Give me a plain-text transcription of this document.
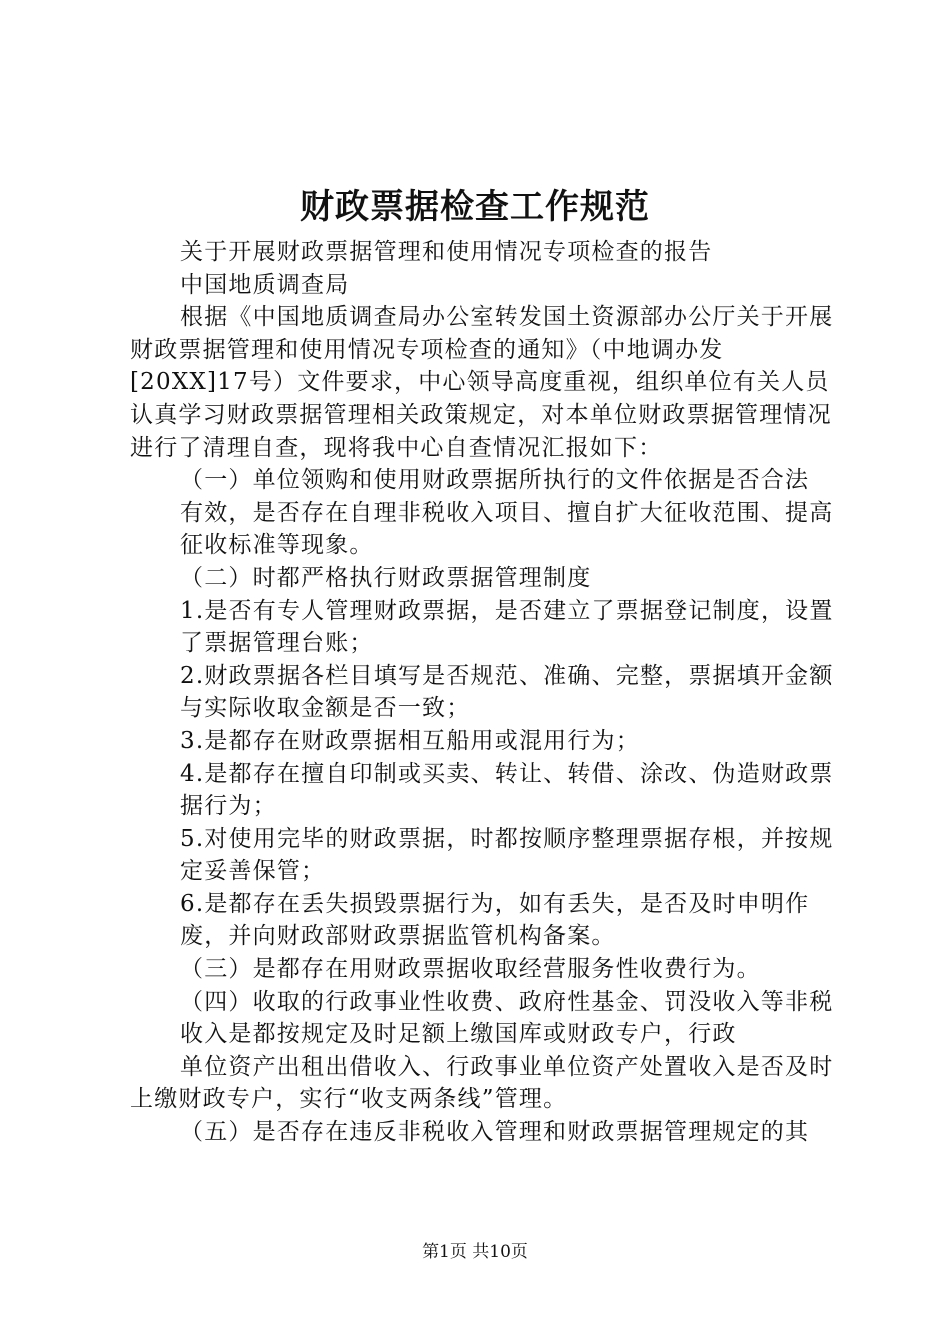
财政票据检查工作规范

关于开展财政票据管理和使用情况专项检查的报告

中国地质调查局

根据《中国地质调查局办公室转发国土资源部办公厅关于开展财政票据管理和使用情况专项检查的通知》（中地调办发[20XX]17号）文件要求，中心领导高度重视，组织单位有关人员认真学习财政票据管理相关政策规定，对本单位财政票据管理情况进行了清理自查，现将我中心自查情况汇报如下：

（一）单位领购和使用财政票据所执行的文件依据是否合法

有效，是否存在自理非税收入项目、擅自扩大征收范围、提高征收标准等现象。

（二）时都严格执行财政票据管理制度

1.是否有专人管理财政票据，是否建立了票据登记制度，设置了票据管理台账；

2.财政票据各栏目填写是否规范、准确、完整，票据填开金额与实际收取金额是否一致；

3.是都存在财政票据相互船用或混用行为；

4.是都存在擅自印制或买卖、转让、转借、涂改、伪造财政票据行为；

5.对使用完毕的财政票据，时都按顺序整理票据存根，并按规定妥善保管；

6.是都存在丢失损毁票据行为，如有丢失，是否及时申明作废，并向财政部财政票据监管机构备案。

（三）是都存在用财政票据收取经营服务性收费行为。

（四）收取的行政事业性收费、政府性基金、罚没收入等非税

收入是都按规定及时足额上缴国库或财政专户，行政

单位资产出租出借收入、行政事业单位资产处置收入是否及时上缴财政专户，实行“收支两条线”管理。

（五）是否存在违反非税收入管理和财政票据管理规定的其

第1页 共10页
